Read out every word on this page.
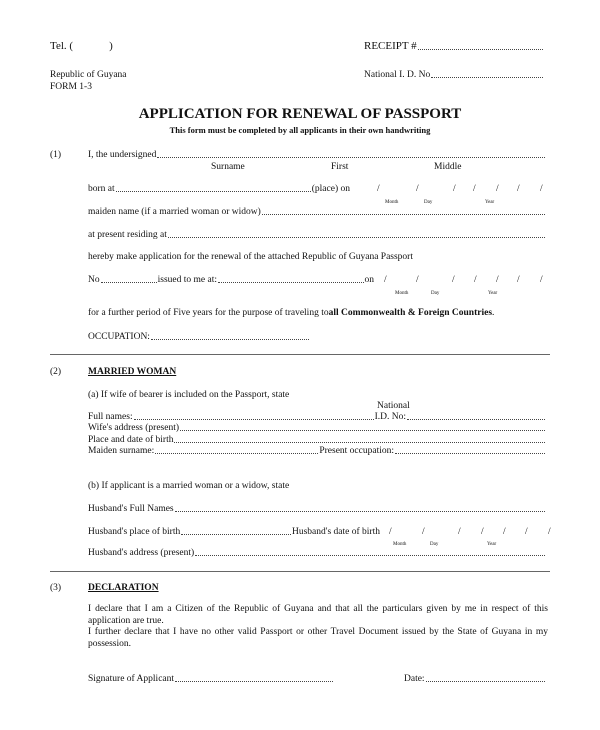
Tel. (	)	RECEIPT #
Republic of Guyana
FORM 1-3
National I. D. No
APPLICATION FOR RENEWAL OF PASSPORT
This form must be completed by all applicants in their own handwriting
(1)	I, the undersigned
Surname	First	Middle
born at	(place) on	/	/	/ / / / /
Month	Day	Year
maiden name (if a married woman or widow)
at present residing at
hereby make application for the renewal of the attached Republic of Guyana Passport
No	issued to me at:	on /	/	/ / / / /
Month	Day	Year
for a further period of Five years for the purpose of traveling to all Commonwealth & Foreign Countries .
OCCUPATION:
(2)	MARRIED WOMAN
(a) If wife of bearer is included on the Passport, state
National
Full names:	I.D. No:
Wife's address (present)
Place and date of birth
Maiden surname:	Present occupation:
(b) If applicant is a married woman or a widow, state
Husband's Full Names
Husband's place of birth	Husband's date of birth /	/	/ / / / /
Month	Day	Year
Husband's address (present)
(3)	DECLARATION
I declare that I am a Citizen of the Republic of Guyana and that all the particulars given by me in respect of this application are true.
I further declare that I have no other valid Passport or other Travel Document issued by the State of Guyana in my possession.
Signature of Applicant	Date:
